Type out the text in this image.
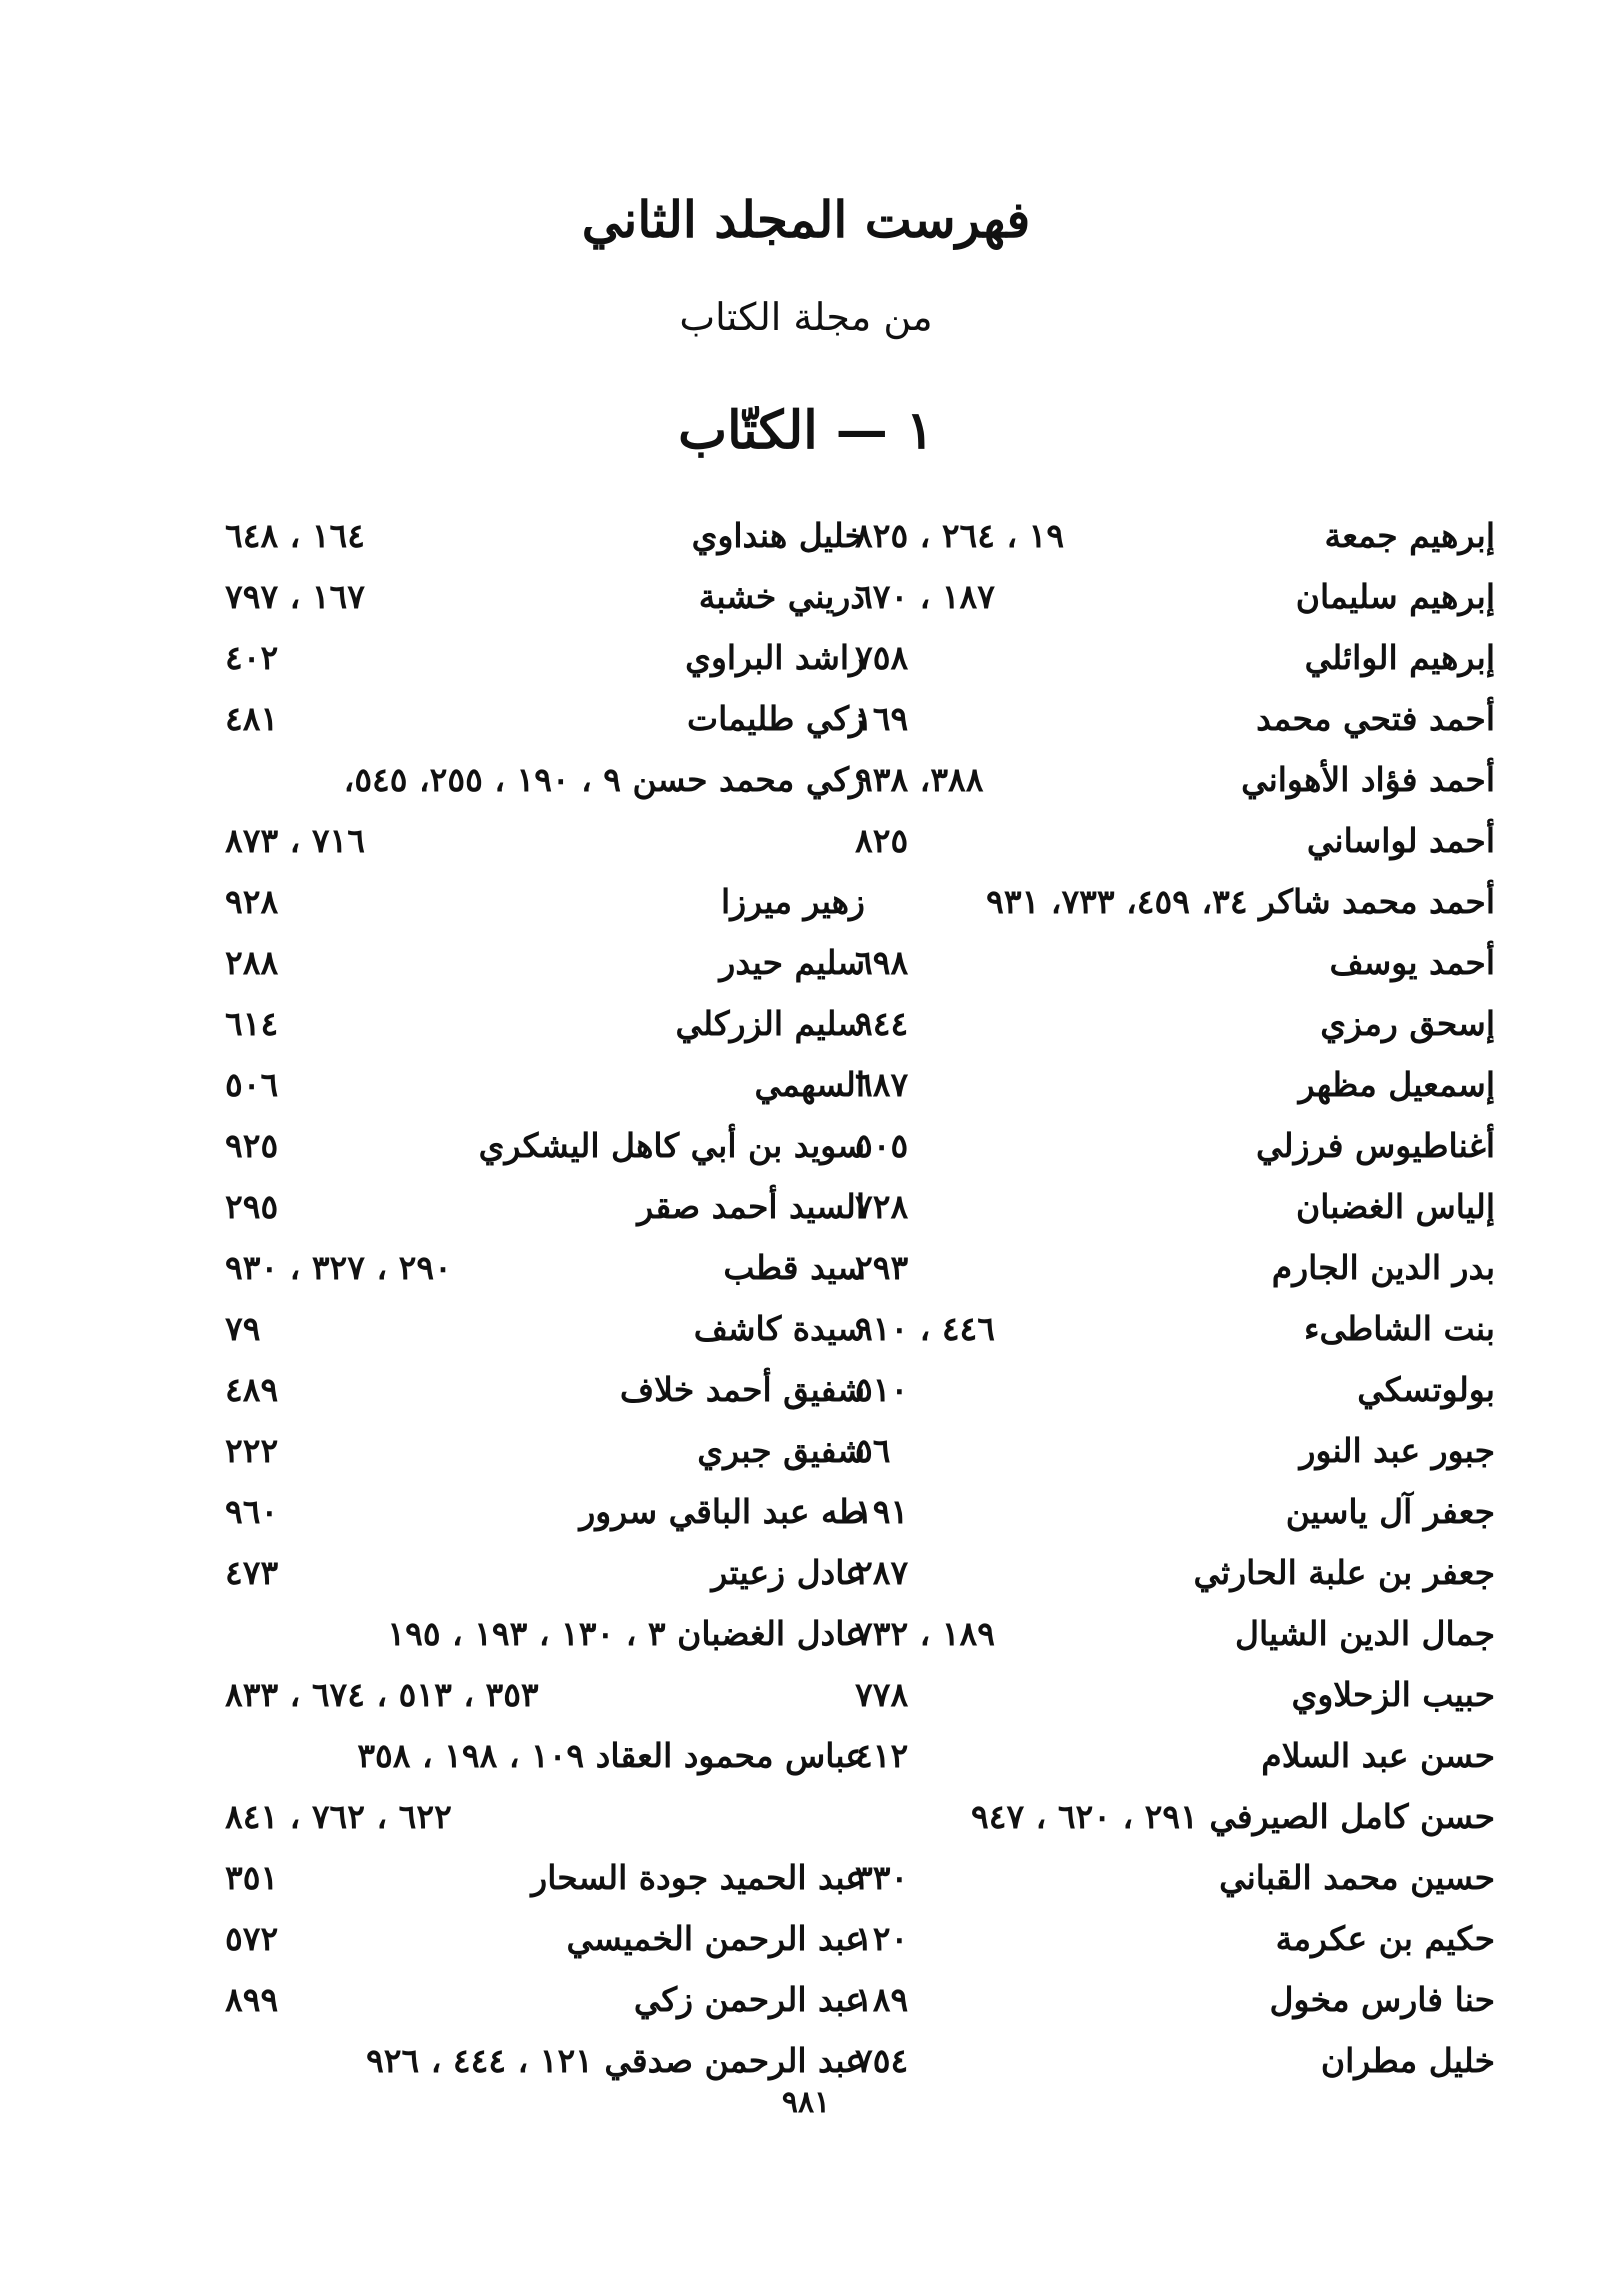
فهرست المجلد الثاني
من مجلة الكتاب
١ — الكتّاب
إبرهيم جمعة
١٩ ، ٢٦٤ ، ٨٢٥
إبرهيم سليمان
١٨٧ ، ٦٧٠
إبرهيم الوائلي
٧٥٨
أحمد فتحي محمد
١٦٩
أحمد فؤاد الأهواني
٣٨٨، ٩٣٨
أحمد لواساني
٨٢٥
أحمد محمد شاكر ٣٤، ٤٥٩، ٧٣٣، ٩٣١
أحمد يوسف
٦٩٨
إسحق رمزي
٩٤٤
إسمعيل مظهر
٦٨٧
أغناطيوس فرزلي
٥٠٥
إلياس الغضبان
٧٢٨
بدر الدين الجارم
٢٩٣
بنت الشاطىء
٤٤٦ ، ٩١٠
بولوتسكي
٥١٠
جبور عبد النور
٥٦
جعفر آل ياسين
١٩١
جعفر بن علبة الحارثي
٢٨٧
جمال الدين الشيال
١٨٩ ، ٧٣٢
حبيب الزحلاوي
٧٧٨
حسن عبد السلام
٤١٢
حسن كامل الصيرفي ٢٩١ ، ٦٢٠ ، ٩٤٧
حسين محمد القباني
٣٣٠
حكيم بن عكرمة
١٢٠
حنا فارس مخول
١٨٩
خليل مطران
٧٥٤
خليل هنداوي
١٦٤ ، ٦٤٨
دريني خشبة
١٦٧ ، ٧٩٧
راشد البراوي
٤٠٢
زكي طليمات
٤٨١
زكي محمد حسن ٩ ، ١٩٠ ، ٢٥٥، ٥٤٥،
٧١٦ ، ٨٧٣
زهير ميرزا
٩٢٨
سليم حيدر
٢٨٨
سليم الزركلي
٦١٤
السهمي
٥٠٦
سويد بن أبي كاهل اليشكري
٩٢٥
السيد أحمد صقر
٢٩٥
سيد قطب
٢٩٠ ، ٣٢٧ ، ٩٣٠
سيدة كاشف
٧٩
شفيق أحمد خلاف
٤٨٩
شفيق جبري
٢٢٢
طه عبد الباقي سرور
٩٦٠
عادل زعيتر
٤٧٣
عادل الغضبان ٣ ، ١٣٠ ، ١٩٣ ، ١٩٥
٣٥٣ ، ٥١٣ ، ٦٧٤ ، ٨٣٣
عباس محمود العقاد ١٠٩ ، ١٩٨ ، ٣٥٨
٦٢٢ ، ٧٦٢ ، ٨٤١
عبد الحميد جودة السحار
٣٥١
عبد الرحمن الخميسي
٥٧٢
عبد الرحمن زكي
٨٩٩
عبد الرحمن صدقي ١٢١ ، ٤٤٤ ، ٩٢٦
٩٨١
